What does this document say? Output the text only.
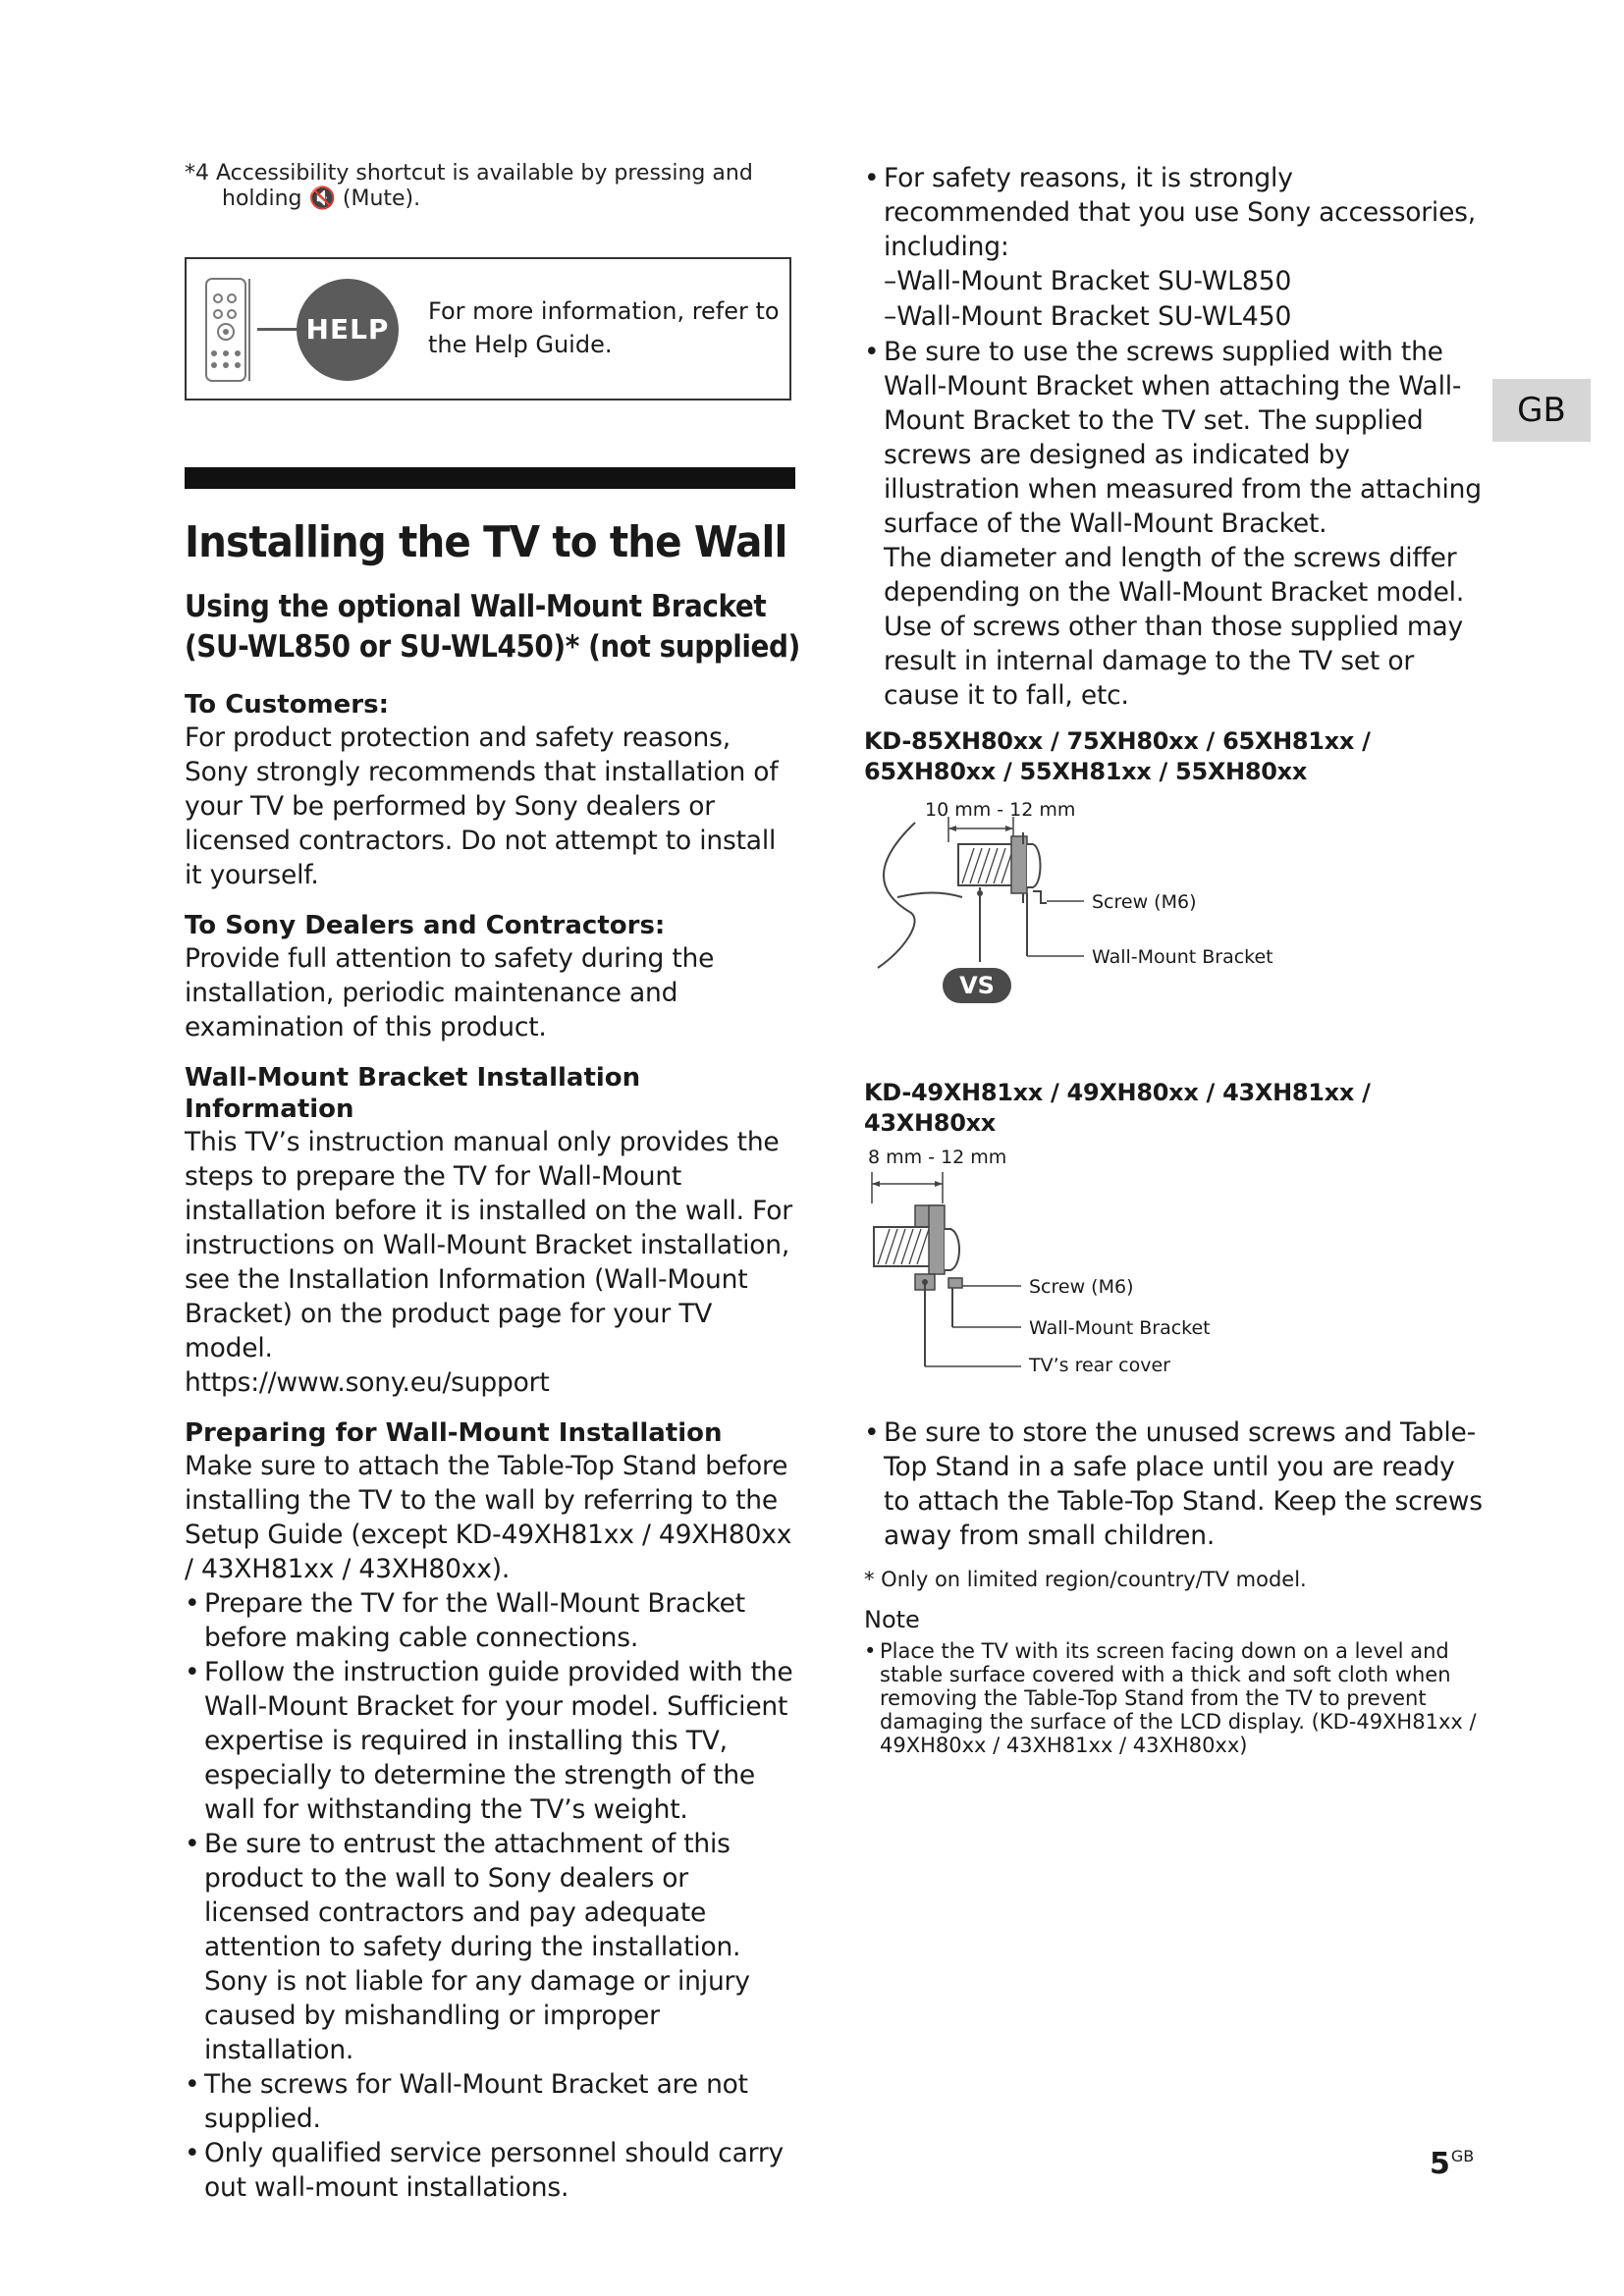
*4 Accessibility shortcut is available by pressing and
holding 🔇 (Mute).
HELP
For more information, refer to the Help Guide.
Installing the TV to the Wall
Using the optional Wall-Mount Bracket
(SU-WL850 or SU-WL450)* (not supplied)
To Customers:
For product protection and safety reasons, Sony strongly recommends that installation of your TV be performed by Sony dealers or licensed contractors. Do not attempt to install it yourself.
To Sony Dealers and Contractors:
Provide full attention to safety during the installation, periodic maintenance and examination of this product.
Wall-Mount Bracket Installation Information
This TV’s instruction manual only provides the steps to prepare the TV for Wall-Mount installation before it is installed on the wall. For instructions on Wall-Mount Bracket installation, see the Installation Information (Wall-Mount Bracket) on the product page for your TV model.
https://www.sony.eu/support
Preparing for Wall-Mount Installation
Make sure to attach the Table-Top Stand before installing the TV to the wall by referring to the Setup Guide (except KD-49XH81xx / 49XH80xx / 43XH81xx / 43XH80xx).
• Prepare the TV for the Wall-Mount Bracket before making cable connections.
• Follow the instruction guide provided with the Wall-Mount Bracket for your model. Sufficient expertise is required in installing this TV, especially to determine the strength of the wall for withstanding the TV’s weight.
• Be sure to entrust the attachment of this product to the wall to Sony dealers or licensed contractors and pay adequate attention to safety during the installation. Sony is not liable for any damage or injury caused by mishandling or improper installation.
• The screws for Wall-Mount Bracket are not supplied.
• Only qualified service personnel should carry out wall-mount installations.
• For safety reasons, it is strongly recommended that you use Sony accessories, including:
–Wall-Mount Bracket SU-WL850
–Wall-Mount Bracket SU-WL450
• Be sure to use the screws supplied with the Wall-Mount Bracket when attaching the Wall-Mount Bracket to the TV set. The supplied screws are designed as indicated by illustration when measured from the attaching surface of the Wall-Mount Bracket.
The diameter and length of the screws differ depending on the Wall-Mount Bracket model. Use of screws other than those supplied may result in internal damage to the TV set or cause it to fall, etc.
KD-85XH80xx / 75XH80xx / 65XH81xx / 65XH80xx / 55XH81xx / 55XH80xx
VS
10 mm - 12 mm
Screw (M6)
Wall-Mount Bracket
KD-49XH81xx / 49XH80xx / 43XH81xx / 43XH80xx
8 mm - 12 mm
Screw (M6)
Wall-Mount Bracket
TV’s rear cover
• Be sure to store the unused screws and Table-Top Stand in a safe place until you are ready to attach the Table-Top Stand. Keep the screws away from small children.
* Only on limited region/country/TV model.
Note
• Place the TV with its screen facing down on a level and stable surface covered with a thick and soft cloth when removing the Table-Top Stand from the TV to prevent damaging the surface of the LCD display. (KD-49XH81xx / 49XH80xx / 43XH81xx / 43XH80xx)
GB
$5^{GB}$
